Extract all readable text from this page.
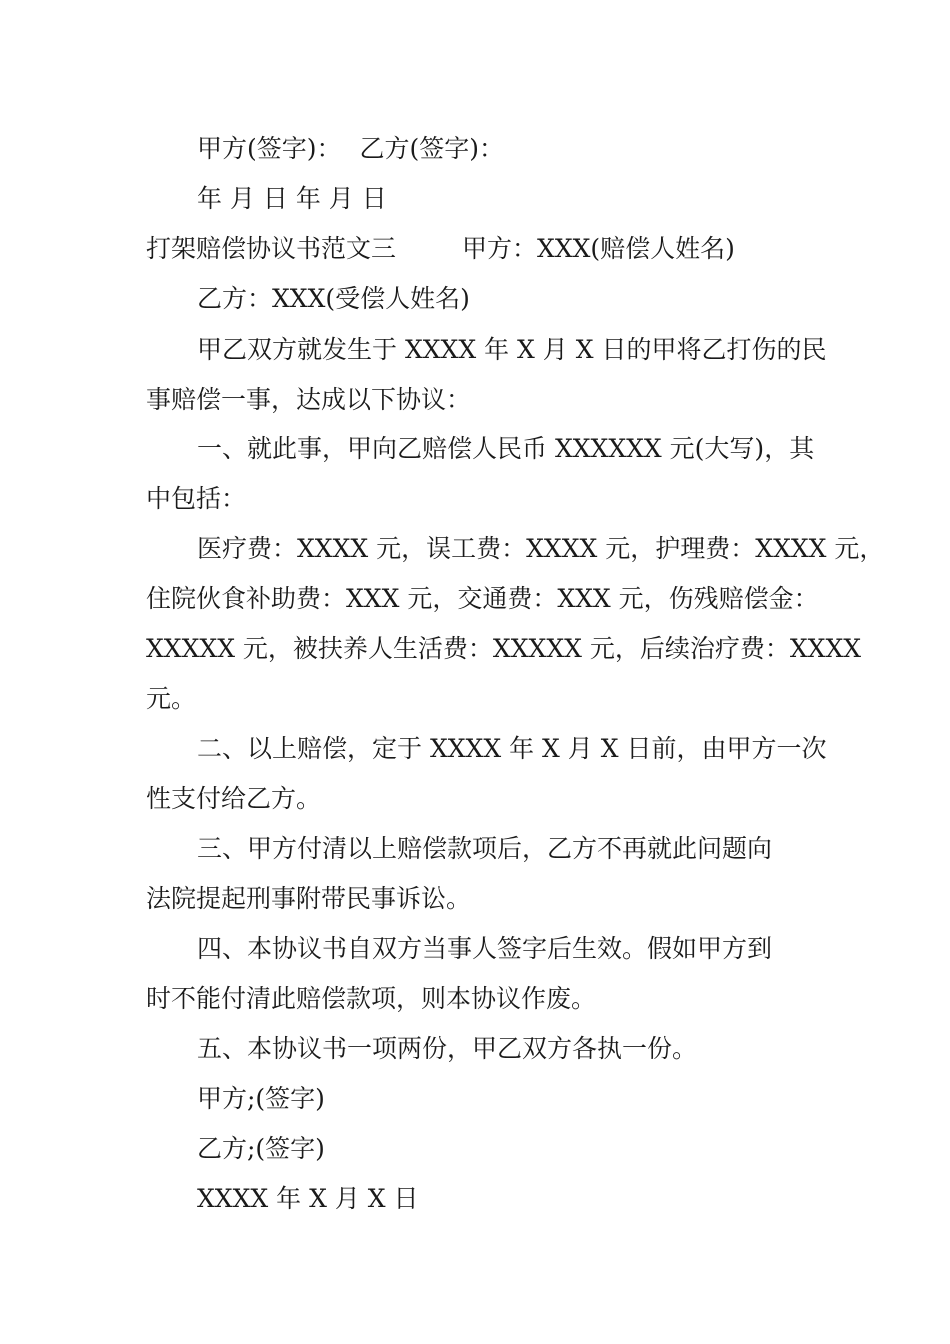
甲方(签字)： 乙方(签字)：
年 月 日 年 月 日
打架赔偿协议书范文三	甲方：XXX(赔偿人姓名)
乙方：XXX(受偿人姓名)
甲乙双方就发生于 XXXX 年 X 月 X 日的甲将乙打伤的民
事赔偿一事，达成以下协议：
一、就此事，甲向乙赔偿人民币 XXXXXX 元(大写)，其
中包括：
医疗费：XXXX 元，误工费：XXXX 元，护理费：XXXX 元，
住院伙食补助费：XXX 元，交通费：XXX 元，伤残赔偿金：
XXXXX 元，被扶养人生活费：XXXXX 元，后续治疗费：XXXX
元。
二、以上赔偿，定于 XXXX 年 X 月 X 日前，由甲方一次
性支付给乙方。
三、甲方付清以上赔偿款项后，乙方不再就此问题向
法院提起刑事附带民事诉讼。
四、本协议书自双方当事人签字后生效。假如甲方到
时不能付清此赔偿款项，则本协议作废。
五、本协议书一项两份，甲乙双方各执一份。
甲方;(签字)
乙方;(签字)
XXXX 年 X 月 X 日
